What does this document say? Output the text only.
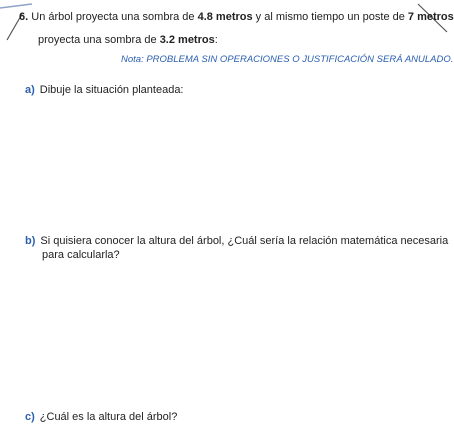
6. Un árbol proyecta una sombra de 4.8 metros y al mismo tiempo un poste de 7 metros
proyecta una sombra de 3.2 metros:
Nota: PROBLEMA SIN OPERACIONES O JUSTIFICACIÓN SERÁ ANULADO.
a) Dibuje la situación planteada:
b) Si quisiera conocer la altura del árbol, ¿Cuál sería la relación matemática necesaria
para calcularla?
c) ¿Cuál es la altura del árbol?
